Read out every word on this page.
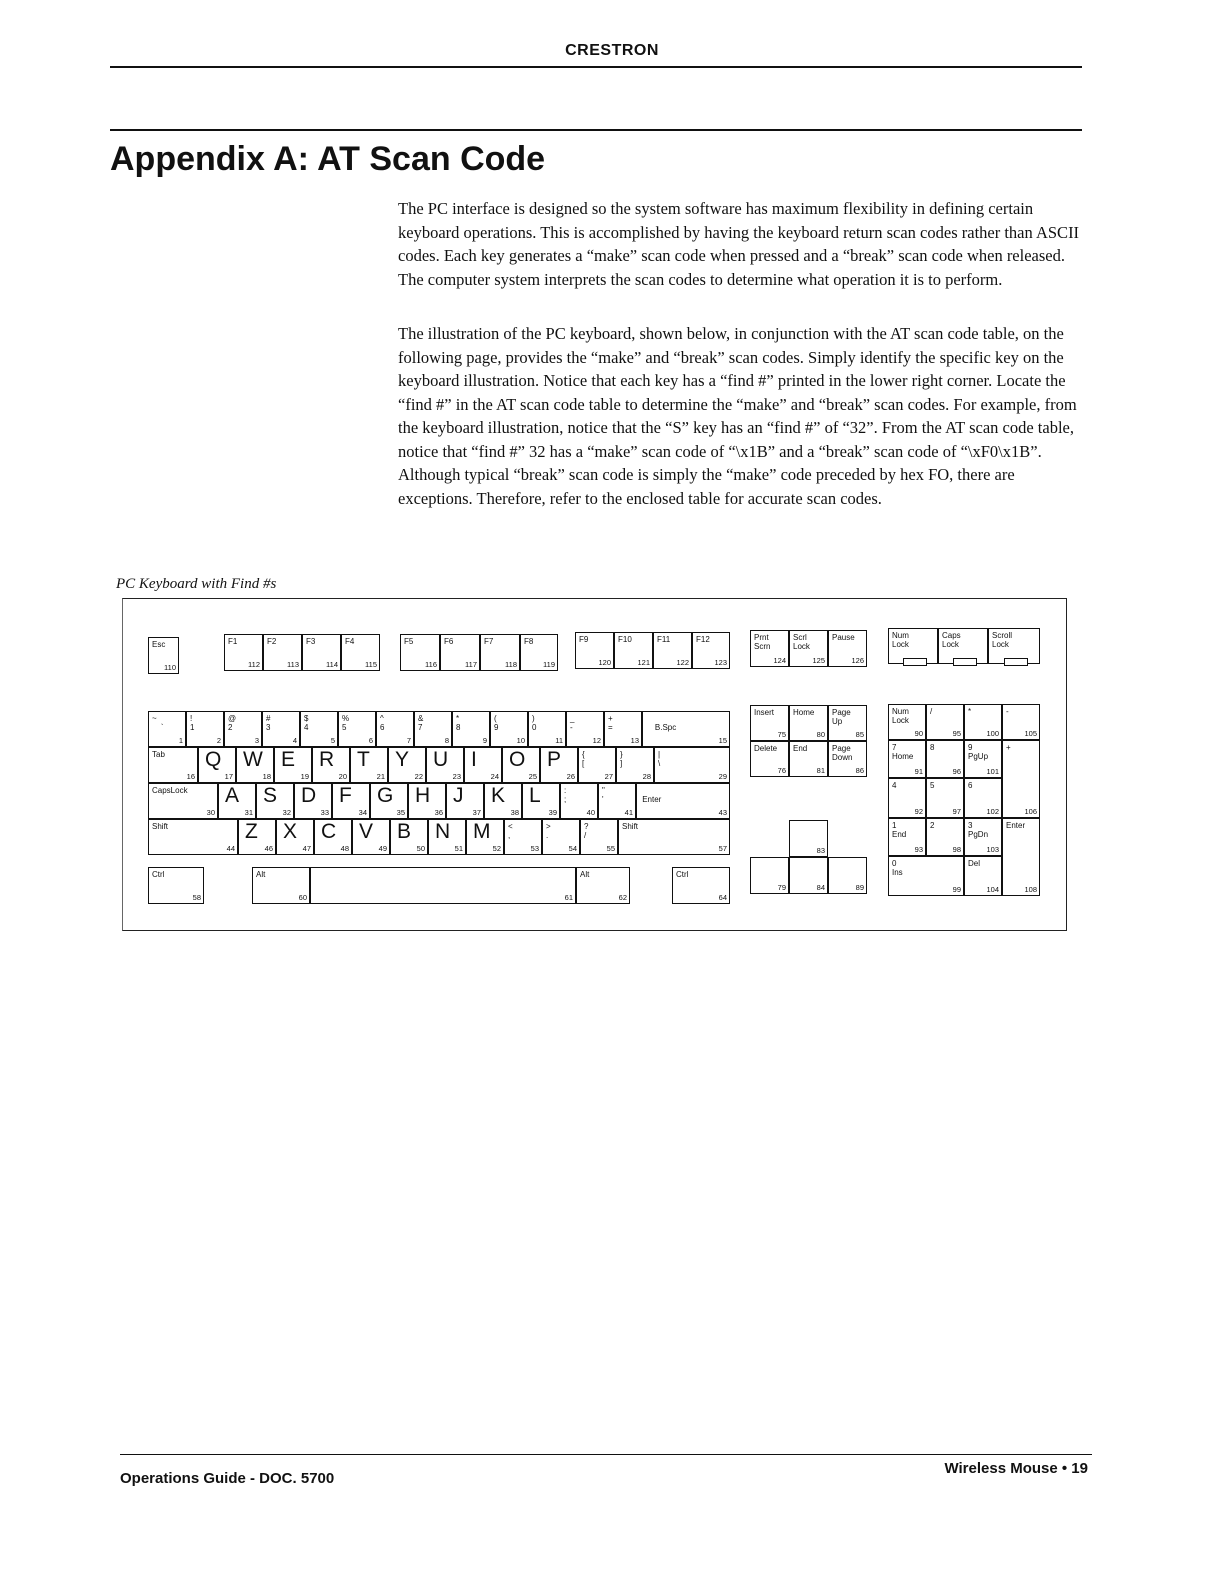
CRESTRON
Appendix A: AT Scan Code

The PC interface is designed so the system software has maximum flexibility in defining certain keyboard operations. This is accomplished by having the keyboard return scan codes rather than ASCII codes. Each key generates a “make” scan code when pressed and a “break” scan code when released. The computer system interprets the scan codes to determine what operation it is to perform.

The illustration of the PC keyboard, shown below, in conjunction with the AT scan code table, on the following page, provides the “make” and “break” scan codes. Simply identify the specific key on the keyboard illustration. Notice that each key has a “find #” printed in the lower right corner. Locate the “find #” in the AT scan code table to determine the “make” and “break” scan codes. For example, from the keyboard illustration, notice that the “S” key has an “find #” of “32”. From the AT scan code table, notice that “find #” 32 has a “make” scan code of “\x1B” and a “break” scan code of “\xF0\x1B”. Although typical “break” scan code is simply the “make” code preceded by hex FO, there are exceptions. Therefore, refer to the enclosed table for accurate scan codes.

PC Keyboard with Find #s
Esc
110
F1
112
F2
113
F3
114
F4
115
F5
116
F6
117
F7
118
F8
119
F9
120
F10
121
F11
122
F12
123
Prnt
Scrn
124
Scrl
Lock
125
Pause
126
Num
Lock
Caps
Lock
Scroll
Lock
~
`
1
!
1
2
@
2
3
#
3
4
$
4
5
%
5
6
^
6
7
&
7
8
*
8
9
(
9
10
)
0
11
_
-
12
+
=
13

B.Spc
15
Tab
16
Q
17
W
18
E
19
R
20
T
21
Y
22
U
23
I
24
O
25
P
26
{
[
27
}
]
28
|
\
29
CapsLock
30
A
31
S
32
D
33
F
34
G
35
H
36
J
37
K
38
L
39
:
;
40
"
'
41

Enter
43
Shift
44
Z
46
X
47
C
48
V
49
B
50
N
51
M
52
<
,
53
>
.
54
?
/
55
Shift
57
Ctrl
58
Alt
60	61
Alt
62
Ctrl
64
Insert
75
Home
80
Page
Up
85
Delete
76
End
81
Page
Down
86
83
79	84	89
Num
Lock
90
/
95
*
100
-
105
7
Home
91
8
96
9
PgUp
101
+
106
4
92
5
97
6
102
1
End
93
2
98
3
PgDn
103
Enter
108
0
Ins
99
Del
104
Operations Guide - DOC. 5700
Wireless Mouse • 19
